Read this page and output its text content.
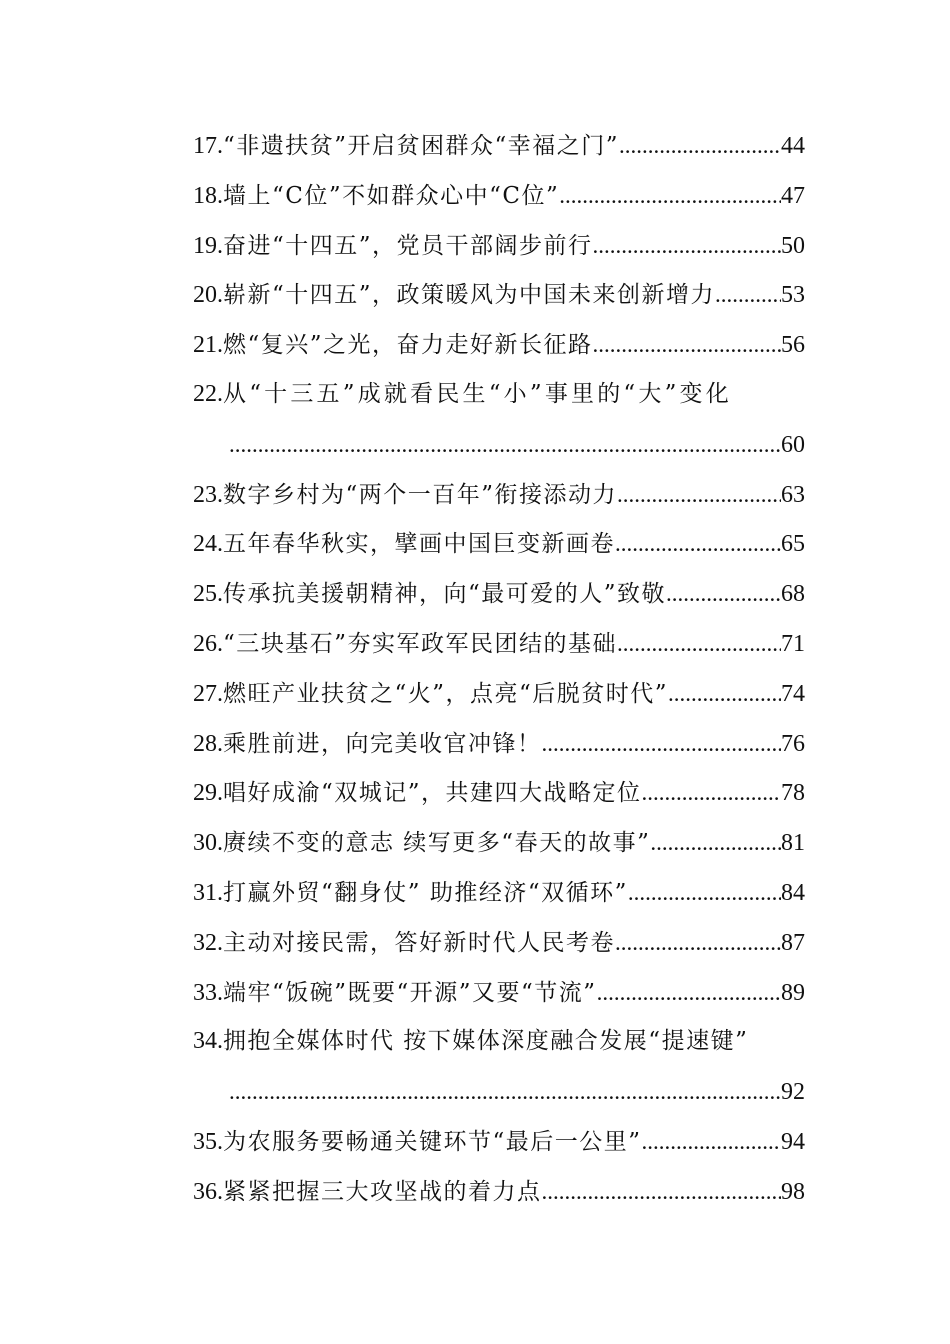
17. “非遗扶贫”开启贫困群众“幸福之门” .....	44
18. 墙上“C位”不如群众心中“C位” .....	47
19. 奋进“十四五”，党员干部阔步前行 .....	50
20. 崭新“十四五”，政策暖风为中国未来创新增力 .....	53
21. 燃“复兴”之光，奋力走好新长征路 .....	56
22. 从“十三五”成就看民生“小”事里的“大”变化
.....
60
23. 数字乡村为“两个一百年”衔接添动力 .....	63
24. 五年春华秋实，擘画中国巨变新画卷 .....	65
25. 传承抗美援朝精神，向“最可爱的人”致敬 .....	68
26. “三块基石”夯实军政军民团结的基础 .....	71
27. 燃旺产业扶贫之“火”，点亮“后脱贫时代” .....	74
28. 乘胜前进，向完美收官冲锋！ .....	76
29. 唱好成渝“双城记”，共建四大战略定位 .....	78
30. 赓续不变的意志 续写更多“春天的故事” .....	81
31. 打赢外贸“翻身仗” 助推经济“双循环” .....	84
32. 主动对接民需，答好新时代人民考卷 .....	87
33. 端牢“饭碗”既要“开源”又要“节流” .....	89
34. 拥抱全媒体时代 按下媒体深度融合发展“提速键”
.....
92
35. 为农服务要畅通关键环节“最后一公里” .....	94
36. 紧紧把握三大攻坚战的着力点 .....	98
